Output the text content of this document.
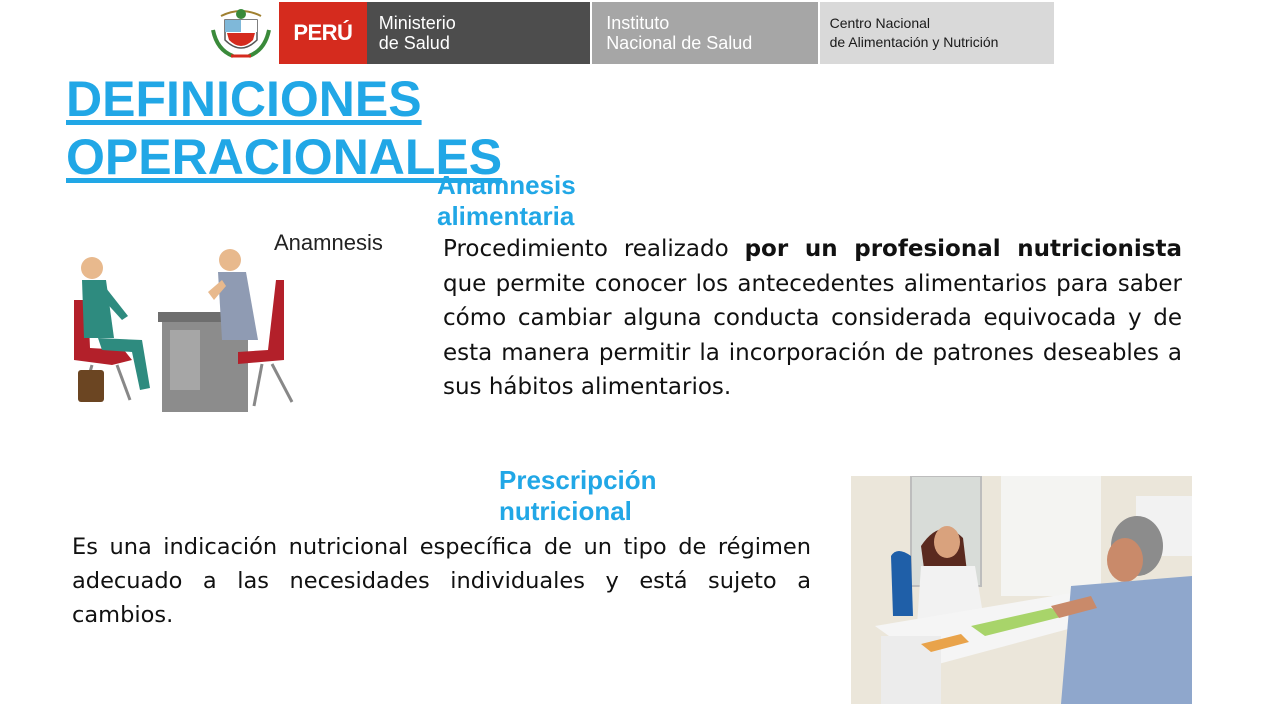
PERÚ Ministerio
de Salud
Instituto
Nacional de Salud
Centro Nacional
de Alimentación y Nutrición
DEFINICIONES
OPERACIONALES
Anamnesis
Anamnesis alimentaria

Procedimiento realizado por un profesional nutricionista que permite conocer los antecedentes alimentarios para saber cómo cambiar alguna conducta considerada equivocada y de esta manera permitir la incorporación de patrones deseables a sus hábitos alimentarios.

Prescripción nutricional

Es una indicación nutricional específica de un tipo de régimen adecuado a las necesidades individuales y está sujeto a cambios.
